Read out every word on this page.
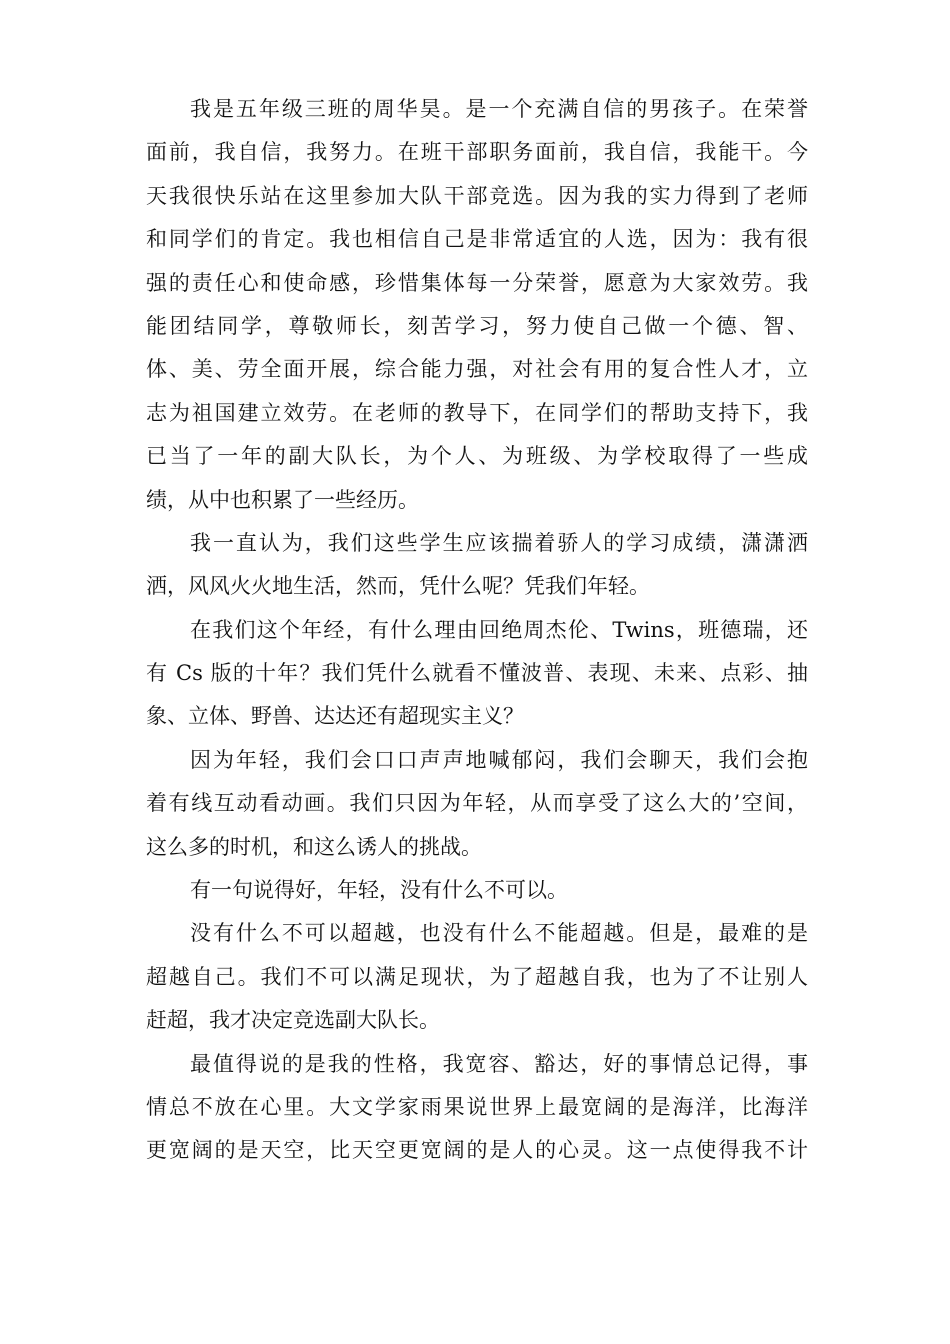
我是五年级三班的周华昊。是一个充满自信的男孩子。在荣誉
面前，我自信，我努力。在班干部职务面前，我自信，我能干。今
天我很快乐站在这里参加大队干部竞选。因为我的实力得到了老师
和同学们的肯定。我也相信自己是非常适宜的人选，因为：我有很
强的责任心和使命感，珍惜集体每一分荣誉，愿意为大家效劳。我
能团结同学，尊敬师长，刻苦学习，努力使自己做一个德、智、
体、美、劳全面开展，综合能力强，对社会有用的复合性人才，立
志为祖国建立效劳。在老师的教导下，在同学们的帮助支持下，我
已当了一年的副大队长，为个人、为班级、为学校取得了一些成
绩，从中也积累了一些经历。
我一直认为，我们这些学生应该揣着骄人的学习成绩，潇潇洒
洒，风风火火地生活，然而，凭什么呢？凭我们年轻。
在我们这个年经，有什么理由回绝周杰伦、Twins，班德瑞，还
有 Cs 版的十年？我们凭什么就看不懂波普、表现、未来、点彩、抽
象、立体、野兽、达达还有超现实主义？
因为年轻，我们会口口声声地喊郁闷，我们会聊天，我们会抱
着有线互动看动画。我们只因为年轻，从而享受了这么大的’空间，
这么多的时机，和这么诱人的挑战。
有一句说得好，年轻，没有什么不可以。
没有什么不可以超越，也没有什么不能超越。但是，最难的是
超越自己。我们不可以满足现状，为了超越自我，也为了不让别人
赶超，我才决定竞选副大队长。
最值得说的是我的性格，我宽容、豁达，好的事情总记得，事
情总不放在心里。大文学家雨果说世界上最宽阔的是海洋，比海洋
更宽阔的是天空，比天空更宽阔的是人的心灵。这一点使得我不计
